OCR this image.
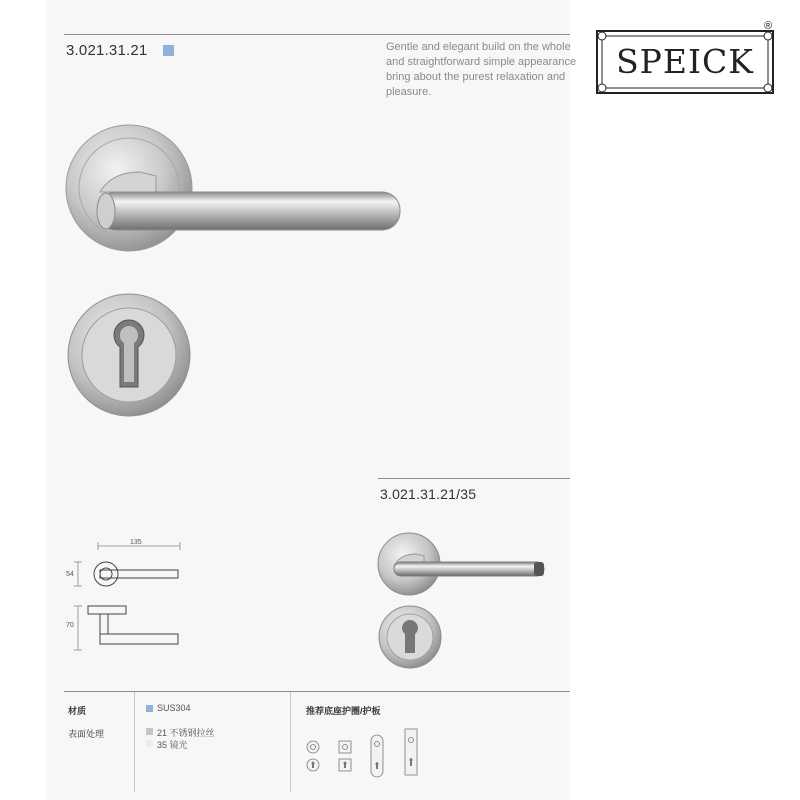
3.021.31.21	Gentle and elegant build on the whole
and straightforward simple appearance
bring about the purest relaxation and
pleasure.
SPEICK
®
3.021.31.21/35
135
54
70
材质
表面处理
SUS304
21 不锈钢拉丝
35 镜光
推荐底座护圈/护板
